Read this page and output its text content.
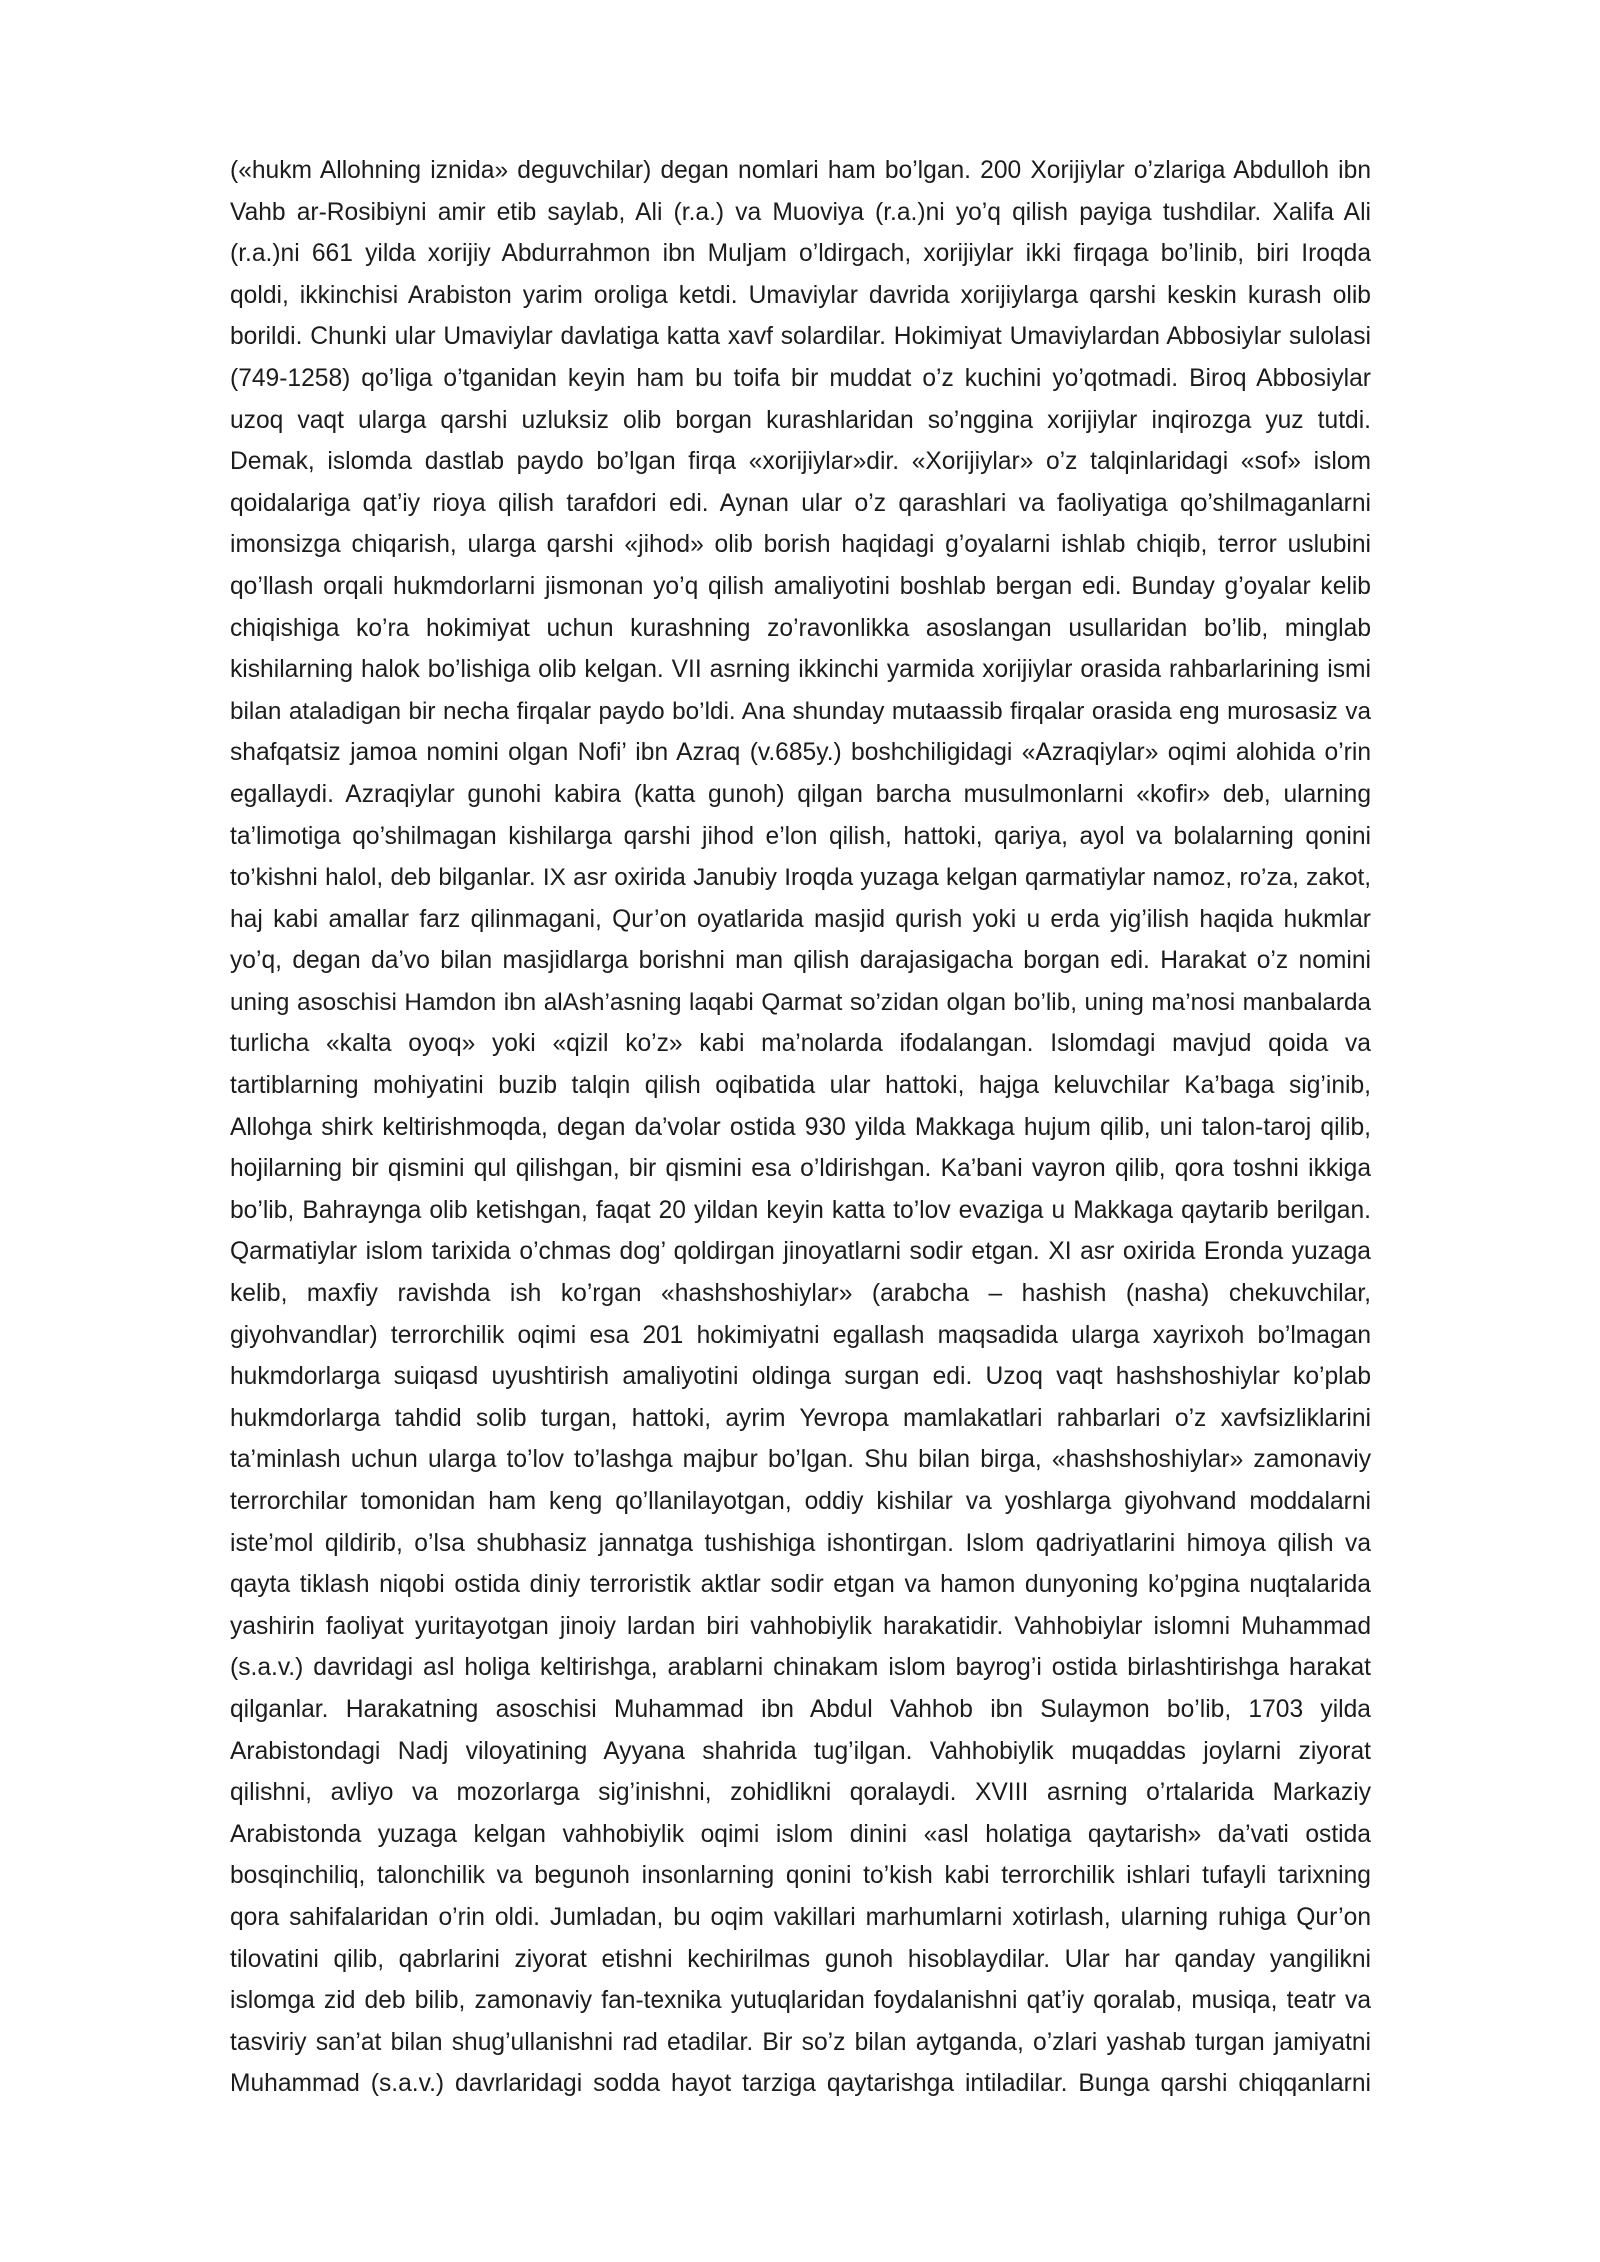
(«hukm Allohning iznida» deguvchilar) degan nomlari ham bo’lgan. 200 Xorijiylar o’zlariga Abdulloh ibn
Vahb ar-Rosibiyni amir etib saylab, Ali (r.a.) va Muoviya (r.a.)ni yo’q qilish payiga tushdilar. Xalifa Ali
(r.a.)ni 661 yilda xorijiy Abdurrahmon ibn Muljam o’ldirgach, xorijiylar ikki firqaga bo’linib, biri Iroqda
qoldi, ikkinchisi Arabiston yarim oroliga ketdi. Umaviylar davrida xorijiylarga qarshi keskin kurash olib
borildi. Chunki ular Umaviylar davlatiga katta xavf solardilar. Hokimiyat Umaviylardan Abbosiylar sulolasi
(749-1258) qo’liga o’tganidan keyin ham bu toifa bir muddat o’z kuchini yo’qotmadi. Biroq Abbosiylar
uzoq vaqt ularga qarshi uzluksiz olib borgan kurashlaridan so’nggina xorijiylar inqirozga yuz tutdi.
Demak, islomda dastlab paydo bo’lgan firqa «xorijiylar»dir. «Xorijiylar» o’z talqinlaridagi «sof» islom
qoidalariga qat’iy rioya qilish tarafdori edi. Aynan ular o’z qarashlari va faoliyatiga qo’shilmaganlarni
imonsizga chiqarish, ularga qarshi «jihod» olib borish haqidagi g’oyalarni ishlab chiqib, terror uslubini
qo’llash orqali hukmdorlarni jismonan yo’q qilish amaliyotini boshlab bergan edi. Bunday g’oyalar kelib
chiqishiga ko’ra hokimiyat uchun kurashning zo’ravonlikka asoslangan usullaridan bo’lib, minglab
kishilarning halok bo’lishiga olib kelgan. VII asrning ikkinchi yarmida xorijiylar orasida rahbarlarining ismi
bilan ataladigan bir necha firqalar paydo bo’ldi. Ana shunday mutaassib firqalar orasida eng murosasiz va
shafqatsiz jamoa nomini olgan Nofi’ ibn Azraq (v.685y.) boshchiligidagi «Azraqiylar» oqimi alohida o’rin
egallaydi. Azraqiylar gunohi kabira (katta gunoh) qilgan barcha musulmonlarni «kofir» deb, ularning
ta’limotiga qo’shilmagan kishilarga qarshi jihod e’lon qilish, hattoki, qariya, ayol va bolalarning qonini
to’kishni halol, deb bilganlar. IX asr oxirida Janubiy Iroqda yuzaga kelgan qarmatiylar namoz, ro’za, zakot,
haj kabi amallar farz qilinmagani, Qur’on oyatlarida masjid qurish yoki u erda yig’ilish haqida hukmlar
yo’q, degan da’vo bilan masjidlarga borishni man qilish darajasigacha borgan edi. Harakat o’z nomini
uning asoschisi Hamdon ibn alAsh’asning laqabi Qarmat so’zidan olgan bo’lib, uning ma’nosi manbalarda
turlicha «kalta oyoq» yoki «qizil ko’z» kabi ma’nolarda ifodalangan. Islomdagi mavjud qoida va
tartiblarning mohiyatini buzib talqin qilish oqibatida ular hattoki, hajga keluvchilar Ka’baga sig’inib,
Allohga shirk keltirishmoqda, degan da’volar ostida 930 yilda Makkaga hujum qilib, uni talon-taroj qilib,
hojilarning bir qismini qul qilishgan, bir qismini esa o’ldirishgan. Ka’bani vayron qilib, qora toshni ikkiga
bo’lib, Bahraynga olib ketishgan, faqat 20 yildan keyin katta to’lov evaziga u Makkaga qaytarib berilgan.
Qarmatiylar islom tarixida o’chmas dog’ qoldirgan jinoyatlarni sodir etgan. XI asr oxirida Eronda yuzaga
kelib, maxfiy ravishda ish ko’rgan «hashshoshiylar» (arabcha – hashish (nasha) chekuvchilar,
giyohvandlar) terrorchilik oqimi esa 201 hokimiyatni egallash maqsadida ularga xayrixoh bo’lmagan
hukmdorlarga suiqasd uyushtirish amaliyotini oldinga surgan edi. Uzoq vaqt hashshoshiylar ko’plab
hukmdorlarga tahdid solib turgan, hattoki, ayrim Yevropa mamlakatlari rahbarlari o’z xavfsizliklarini
ta’minlash uchun ularga to’lov to’lashga majbur bo’lgan. Shu bilan birga, «hashshoshiylar» zamonaviy
terrorchilar tomonidan ham keng qo’llanilayotgan, oddiy kishilar va yoshlarga giyohvand moddalarni
iste’mol qildirib, o’lsa shubhasiz jannatga tushishiga ishontirgan. Islom qadriyatlarini himoya qilish va
qayta tiklash niqobi ostida diniy terroristik aktlar sodir etgan va hamon dunyoning ko’pgina nuqtalarida
yashirin faoliyat yuritayotgan jinoiy lardan biri vahhobiylik harakatidir. Vahhobiylar islomni Muhammad
(s.a.v.) davridagi asl holiga keltirishga, arablarni chinakam islom bayrog’i ostida birlashtirishga harakat
qilganlar. Harakatning asoschisi Muhammad ibn Abdul Vahhob ibn Sulaymon bo’lib, 1703 yilda
Arabistondagi Nadj viloyatining Ayyana shahrida tug’ilgan. Vahhobiylik muqaddas joylarni ziyorat
qilishni, avliyo va mozorlarga sig’inishni, zohidlikni qoralaydi. XVIII asrning o’rtalarida Markaziy
Arabistonda yuzaga kelgan vahhobiylik oqimi islom dinini «asl holatiga qaytarish» da’vati ostida
bosqinchiliq, talonchilik va begunoh insonlarning qonini to’kish kabi terrorchilik ishlari tufayli tarixning
qora sahifalaridan o’rin oldi. Jumladan, bu oqim vakillari marhumlarni xotirlash, ularning ruhiga Qur’on
tilovatini qilib, qabrlarini ziyorat etishni kechirilmas gunoh hisoblaydilar. Ular har qanday yangilikni
islomga zid deb bilib, zamonaviy fan-texnika yutuqlaridan foydalanishni qat’iy qoralab, musiqa, teatr va
tasviriy san’at bilan shug’ullanishni rad etadilar. Bir so’z bilan aytganda, o’zlari yashab turgan jamiyatni
Muhammad (s.a.v.) davrlaridagi sodda hayot tarziga qaytarishga intiladilar. Bunga qarshi chiqqanlarni
